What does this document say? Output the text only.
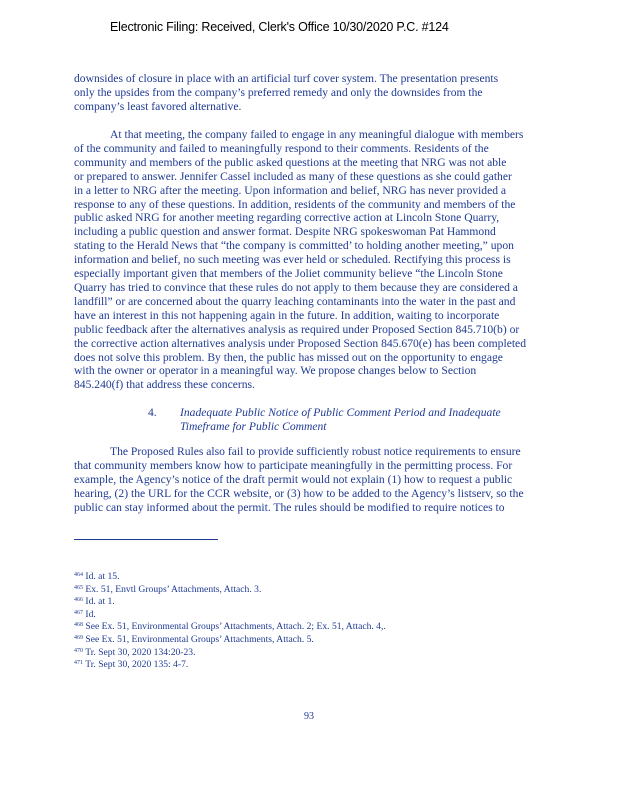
Electronic Filing: Received, Clerk's Office 10/30/2020 P.C. #124
downsides of closure in place with an artificial turf cover system. The presentation presents
only the upsides from the company’s preferred remedy and only the downsides from the
company’s least favored alternative.
At that meeting, the company failed to engage in any meaningful dialogue with members
of the community and failed to meaningfully respond to their comments. Residents of the
community and members of the public asked questions at the meeting that NRG was not able
or prepared to answer. Jennifer Cassel included as many of these questions as she could gather
in a letter to NRG after the meeting. Upon information and belief, NRG has never provided a
response to any of these questions. In addition, residents of the community and members of the
public asked NRG for another meeting regarding corrective action at Lincoln Stone Quarry,
including a public question and answer format. Despite NRG spokeswoman Pat Hammond
stating to the Herald News that “the company is committed’ to holding another meeting,” upon
information and belief, no such meeting was ever held or scheduled. Rectifying this process is
especially important given that members of the Joliet community believe “the Lincoln Stone
Quarry has tried to convince that these rules do not apply to them because they are considered a
landfill” or are concerned about the quarry leaching contaminants into the water in the past and
have an interest in this not happening again in the future. In addition, waiting to incorporate
public feedback after the alternatives analysis as required under Proposed Section 845.710(b) or
the corrective action alternatives analysis under Proposed Section 845.670(e) has been completed
does not solve this problem. By then, the public has missed out on the opportunity to engage
with the owner or operator in a meaningful way. We propose changes below to Section
845.240(f) that address these concerns.
The Proposed Rules also fail to provide sufficiently robust notice requirements to ensure
that community members know how to participate meaningfully in the permitting process. For
example, the Agency’s notice of the draft permit would not explain (1) how to request a public
hearing, (2) the URL for the CCR website, or (3) how to be added to the Agency’s listserv, so the
public can stay informed about the permit. The rules should be modified to require notices to
4. Inadequate Public Notice of Public Comment Period and Inadequate
Timeframe for Public Comment
$^{464}$ Id. at 15.
$^{465}$ Ex. 51, Envtl Groups’ Attachments, Attach. 3.
$^{466}$ Id. at 1.
$^{467}$ Id.
$^{468}$ See Ex. 51, Environmental Groups’ Attachments, Attach. 2; Ex. 51, Attach. 4,.
$^{469}$ See Ex. 51, Environmental Groups’ Attachments, Attach. 5.
$^{470}$ Tr. Sept 30, 2020 134:20-23.
$^{471}$ Tr. Sept 30, 2020 135: 4-7.
93
